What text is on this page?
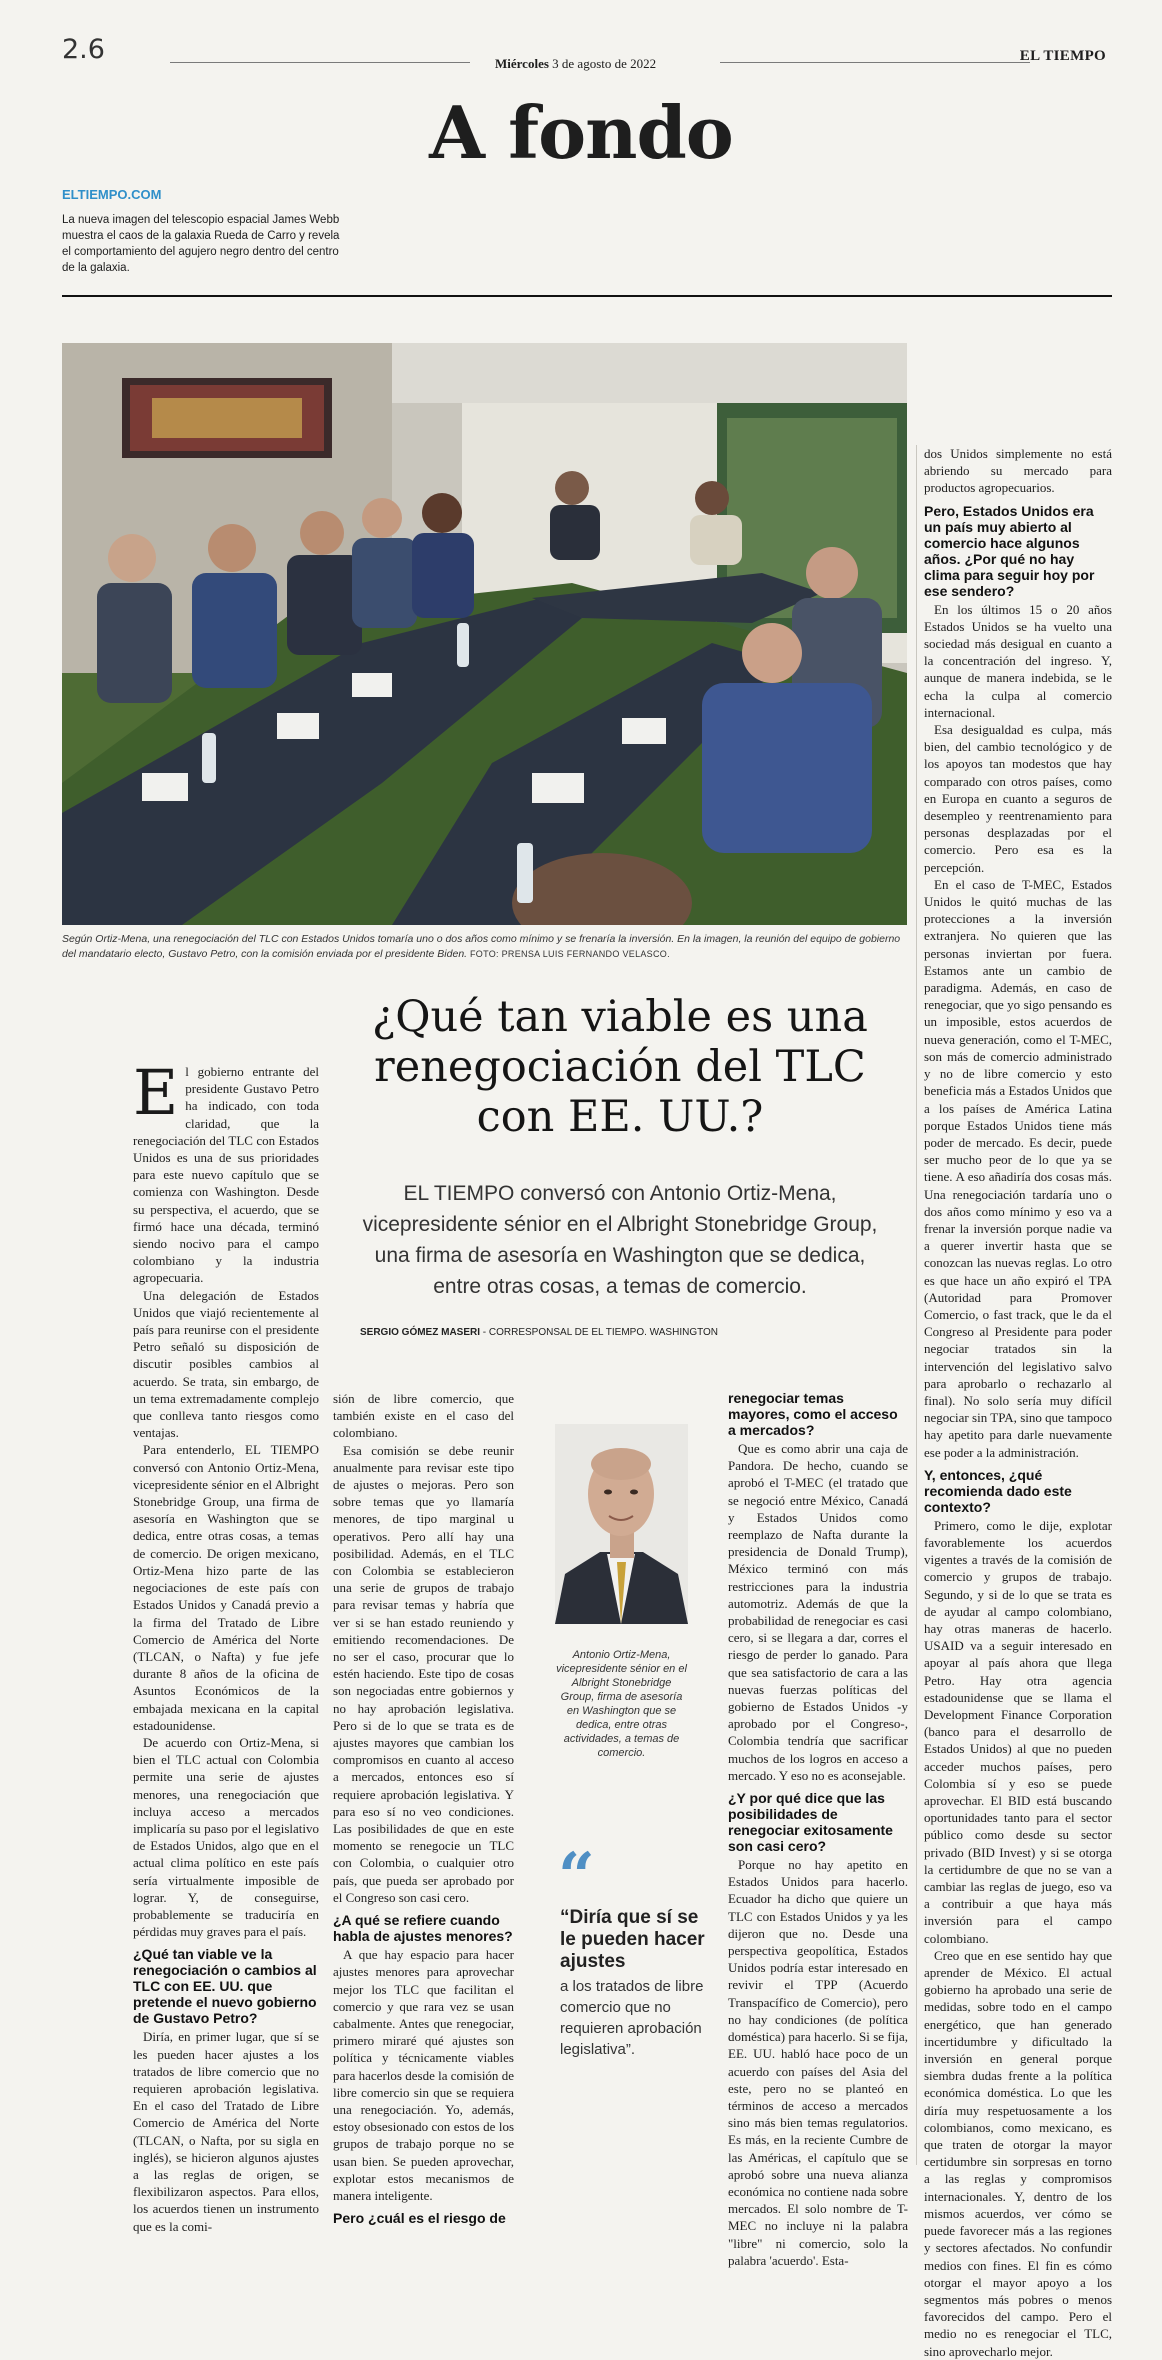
2.6	Miércoles 3 de agosto de 2022	EL TIEMPO
A fondo
ELTIEMPO.COM
La nueva imagen del telescopio espacial James Webb muestra el caos de la galaxia Rueda de Carro y revela el comportamiento del agujero negro dentro del centro de la galaxia.
Según Ortiz-Mena, una renegociación del TLC con Estados Unidos tomaría uno o dos años como mínimo y se frenaría la inversión. En la imagen, la reunión del equipo de gobierno del mandatario electo, Gustavo Petro, con la comisión enviada por el presidente Biden. FOTO: PRENSA LUIS FERNANDO VELASCO.
¿Qué tan viable es una renegociación del TLC con EE. UU.?
EL TIEMPO conversó con Antonio Ortiz-Mena, vicepresidente sénior en el Albright Stonebridge Group, una firma de asesoría en Washington que se dedica, entre otras cosas, a temas de comercio.
SERGIO GÓMEZ MASERI - CORRESPONSAL DE EL TIEMPO. WASHINGTON

El gobierno entrante del presidente Gustavo Petro ha indicado, con toda claridad, que la renegociación del TLC con Estados Unidos es una de sus prioridades para este nuevo capítulo que se comienza con Washington. Desde su perspectiva, el acuerdo, que se firmó hace una década, terminó siendo nocivo para el campo colombiano y la industria agropecuaria.

Una delegación de Estados Unidos que viajó recientemente al país para reunirse con el presidente Petro señaló su disposición de discutir posibles cambios al acuerdo. Se trata, sin embargo, de un tema extremadamente complejo que conlleva tanto riesgos como ventajas.

Para entenderlo, EL TIEMPO conversó con Antonio Ortiz-Mena, vicepresidente sénior en el Albright Stonebridge Group, una firma de asesoría en Washington que se dedica, entre otras cosas, a temas de comercio. De origen mexicano, Ortiz-Mena hizo parte de las negociaciones de este país con Estados Unidos y Canadá previo a la firma del Tratado de Libre Comercio de América del Norte (TLCAN, o Nafta) y fue jefe durante 8 años de la oficina de Asuntos Económicos de la embajada mexicana en la capital estadounidense.

De acuerdo con Ortiz-Mena, si bien el TLC actual con Colombia permite una serie de ajustes menores, una renegociación que incluya acceso a mercados implicaría su paso por el legislativo de Estados Unidos, algo que en el actual clima político en este país sería virtualmente imposible de lograr. Y, de conseguirse, probablemente se traduciría en pérdidas muy graves para el país.

¿Qué tan viable ve la renegociación o cambios al TLC con EE. UU. que pretende el nuevo gobierno de Gustavo Petro?

Diría, en primer lugar, que sí se les pueden hacer ajustes a los tratados de libre comercio que no requieren aprobación legislativa. En el caso del Tratado de Libre Comercio de América del Norte (TLCAN, o Nafta, por su sigla en inglés), se hicieron algunos ajustes a las reglas de origen, se flexibilizaron aspectos. Para ellos, los acuerdos tienen un instrumento que es la comi-

sión de libre comercio, que también existe en el caso del colombiano.

Esa comisión se debe reunir anualmente para revisar este tipo de ajustes o mejoras. Pero son sobre temas que yo llamaría menores, de tipo marginal u operativos. Pero allí hay una posibilidad. Además, en el TLC con Colombia se establecieron una serie de grupos de trabajo para revisar temas y habría que ver si se han estado reuniendo y emitiendo recomendaciones. De no ser el caso, procurar que lo estén haciendo. Este tipo de cosas son negociadas entre gobiernos y no hay aprobación legislativa. Pero si de lo que se trata es de ajustes mayores que cambian los compromisos en cuanto al acceso a mercados, entonces eso sí requiere aprobación legislativa. Y para eso sí no veo condiciones. Las posibilidades de que en este momento se renegocie un TLC con Colombia, o cualquier otro país, que pueda ser aprobado por el Congreso son casi cero.

¿A qué se refiere cuando habla de ajustes menores?

A que hay espacio para hacer ajustes menores para aprovechar mejor los TLC que facilitan el comercio y que rara vez se usan cabalmente. Antes que renegociar, primero miraré qué ajustes son política y técnicamente viables para hacerlos desde la comisión de libre comercio sin que se requiera una renegociación. Yo, además, estoy obsesionado con estos de los grupos de trabajo porque no se usan bien. Se pueden aprovechar, explotar estos mecanismos de manera inteligente.

Pero ¿cuál es el riesgo de
Antonio Ortiz-Mena, vicepresidente sénior en el Albright Stonebridge Group, firma de asesoría en Washington que se dedica, entre otras actividades, a temas de comercio.
“
“Diría que sí se le pueden hacer ajustes
a los tratados de libre comercio que no requieren aprobación legislativa”.
renegociar temas mayores, como el acceso a mercados?

Que es como abrir una caja de Pandora. De hecho, cuando se aprobó el T-MEC (el tratado que se negoció entre México, Canadá y Estados Unidos como reemplazo de Nafta durante la presidencia de Donald Trump), México terminó con más restricciones para la industria automotriz. Además de que la probabilidad de renegociar es casi cero, si se llegara a dar, corres el riesgo de perder lo ganado. Para que sea satisfactorio de cara a las nuevas fuerzas políticas del gobierno de Estados Unidos -y aprobado por el Congreso-, Colombia tendría que sacrificar muchos de los logros en acceso a mercado. Y eso no es aconsejable.

¿Y por qué dice que las posibilidades de renegociar exitosamente son casi cero?

Porque no hay apetito en Estados Unidos para hacerlo. Ecuador ha dicho que quiere un TLC con Estados Unidos y ya les dijeron que no. Desde una perspectiva geopolítica, Estados Unidos podría estar interesado en revivir el TPP (Acuerdo Transpacífico de Comercio), pero no hay condiciones (de política doméstica) para hacerlo. Si se fija, EE. UU. habló hace poco de un acuerdo con países del Asia del este, pero no se planteó en términos de acceso a mercados sino más bien temas regulatorios. Es más, en la reciente Cumbre de las Américas, el capítulo que se aprobó sobre una nueva alianza económica no contiene nada sobre mercados. El solo nombre de T-MEC no incluye ni la palabra "libre" ni comercio, solo la palabra 'acuerdo'. Esta-

dos Unidos simplemente no está abriendo su mercado para productos agropecuarios.

Pero, Estados Unidos era un país muy abierto al comercio hace algunos años. ¿Por qué no hay clima para seguir hoy por ese sendero?

En los últimos 15 o 20 años Estados Unidos se ha vuelto una sociedad más desigual en cuanto a la concentración del ingreso. Y, aunque de manera indebida, se le echa la culpa al comercio internacional.

Esa desigualdad es culpa, más bien, del cambio tecnológico y de los apoyos tan modestos que hay comparado con otros países, como en Europa en cuanto a seguros de desempleo y reentrenamiento para personas desplazadas por el comercio. Pero esa es la percepción.

En el caso de T-MEC, Estados Unidos le quitó muchas de las protecciones a la inversión extranjera. No quieren que las personas inviertan por fuera. Estamos ante un cambio de paradigma. Además, en caso de renegociar, que yo sigo pensando es un imposible, estos acuerdos de nueva generación, como el T-MEC, son más de comercio administrado y no de libre comercio y esto beneficia más a Estados Unidos que a los países de América Latina porque Estados Unidos tiene más poder de mercado. Es decir, puede ser mucho peor de lo que ya se tiene. A eso añadiría dos cosas más. Una renegociación tardaría uno o dos años como mínimo y eso va a frenar la inversión porque nadie va a querer invertir hasta que se conozcan las nuevas reglas. Lo otro es que hace un año expiró el TPA (Autoridad para Promover Comercio, o fast track, que le da el Congreso al Presidente para poder negociar tratados sin la intervención del legislativo salvo para aprobarlo o rechazarlo al final). No solo sería muy difícil negociar sin TPA, sino que tampoco hay apetito para darle nuevamente ese poder a la administración.

Y, entonces, ¿qué recomienda dado este contexto?

Primero, como le dije, explotar favorablemente los acuerdos vigentes a través de la comisión de comercio y grupos de trabajo. Segundo, y si de lo que se trata es de ayudar al campo colombiano, hay otras maneras de hacerlo. USAID va a seguir interesado en apoyar al país ahora que llega Petro. Hay otra agencia estadounidense que se llama el Development Finance Corporation (banco para el desarrollo de Estados Unidos) al que no pueden acceder muchos países, pero Colombia sí y eso se puede aprovechar. El BID está buscando oportunidades tanto para el sector público como desde su sector privado (BID Invest) y si se otorga la certidumbre de que no se van a cambiar las reglas de juego, eso va a contribuir a que haya más inversión para el campo colombiano.

Creo que en ese sentido hay que aprender de México. El actual gobierno ha aprobado una serie de medidas, sobre todo en el campo energético, que han generado incertidumbre y dificultado la inversión en general porque siembra dudas frente a la política económica doméstica. Lo que les diría muy respetuosamente a los colombianos, como mexicano, es que traten de otorgar la mayor certidumbre sin sorpresas en torno a las reglas y compromisos internacionales. Y, dentro de los mismos acuerdos, ver cómo se puede favorecer más a las regiones y sectores afectados. No confundir medios con fines. El fin es cómo otorgar el mayor apoyo a los segmentos más pobres o menos favorecidos del campo. Pero el medio no es renegociar el TLC, sino aprovecharlo mejor.
